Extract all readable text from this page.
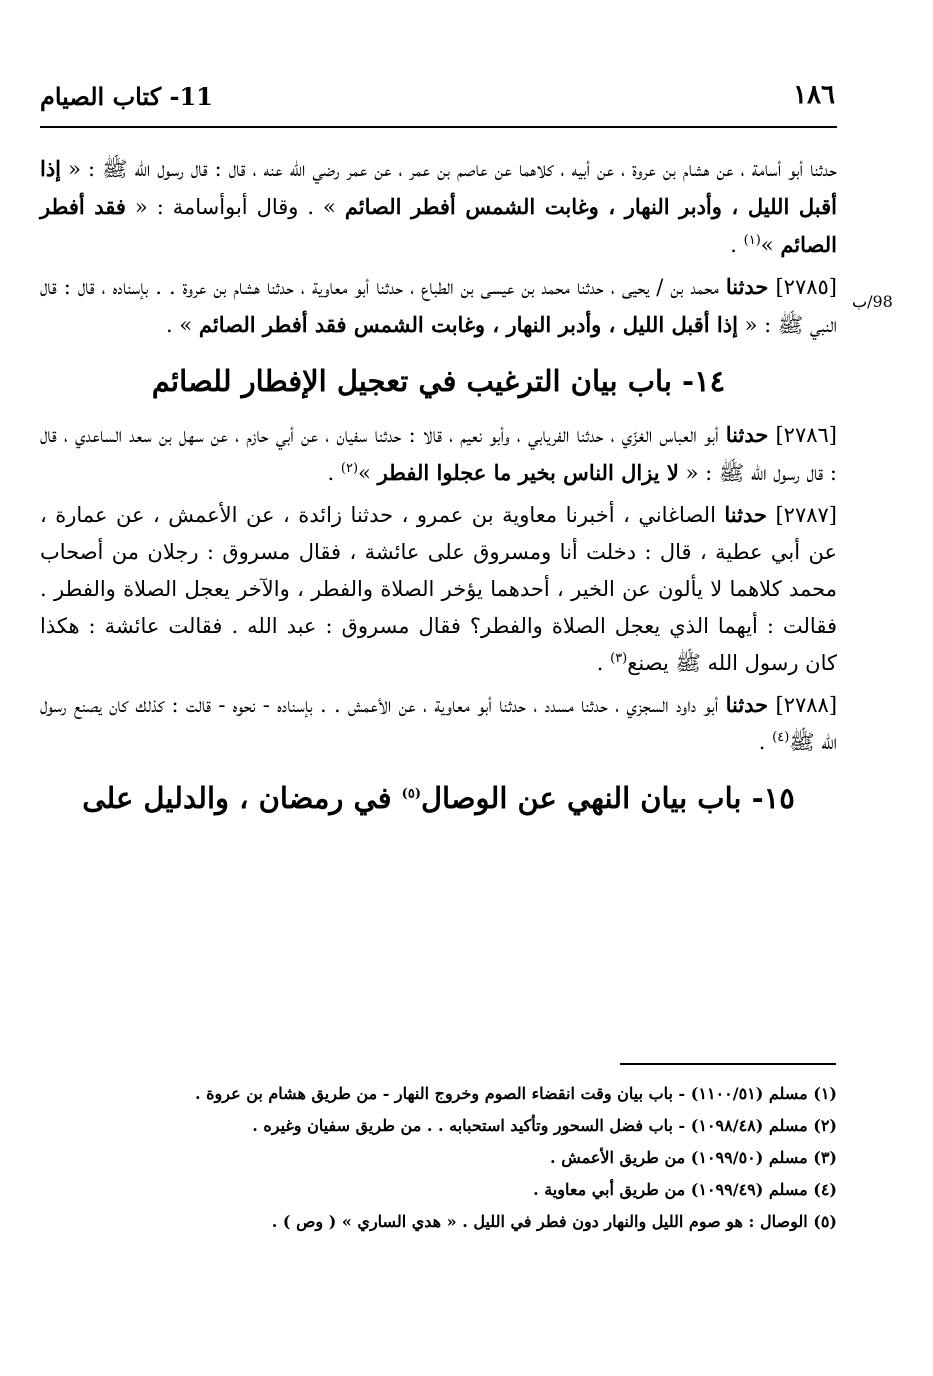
١٨٦
11- كتاب الصيام
98/ب

حدثنا أبو أسامة ، عن هشام بن عروة ، عن أبيه ، كلاهما عن عاصم بن عمر ، عن عمر رضي الله عنه ، قال : قال رسول الله ﷺ : « إذا أقبل الليل ، وأدبر النهار ، وغابت الشمس أفطر الصائم » . وقال أبوأسامة : « فقد أفطر الصائم »$^{(١)}$ .

[٢٧٨٥] حدثنا محمد بن / يحيى ، حدثنا محمد بن عيسى بن الطباع ، حدثنا أبو معاوية ، حدثنا هشام بن عروة . . بإسناده ، قال : قال النبي ﷺ : « إذا أقبل الليل ، وأدبر النهار ، وغابت الشمس فقد أفطر الصائم » .

١٤- باب بيان الترغيب في تعجيل الإفطار للصائم

[٢٧٨٦] حدثنا أبو العباس الغزّي ، حدثنا الفريابي ، وأبو نعيم ، قالا : حدثنا سفيان ، عن أبي حازم ، عن سهل بن سعد الساعدي ، قال : قال رسول الله ﷺ : « لا يزال الناس بخير ما عجلوا الفطر »$^{(٢)}$ .

[٢٧٨٧] حدثنا الصاغاني ، أخبرنا معاوية بن عمرو ، حدثنا زائدة ، عن الأعمش ، عن عمارة ، عن أبي عطية ، قال : دخلت أنا ومسروق على عائشة ، فقال مسروق : رجلان من أصحاب محمد كلاهما لا يألون عن الخير ، أحدهما يؤخر الصلاة والفطر ، والآخر يعجل الصلاة والفطر . فقالت : أيهما الذي يعجل الصلاة والفطر؟ فقال مسروق : عبد الله . فقالت عائشة : هكذا كان رسول الله ﷺ يصنع$^{(٣)}$ .

[٢٧٨٨] حدثنا أبو داود السجزي ، حدثنا مسدد ، حدثنا أبو معاوية ، عن الأعمش . . بإسناده - نحوه - قالت : كذلك كان يصنع رسول الله ﷺ$^{(٤)}$ .

١٥- باب بيان النهي عن الوصال$^{(٥)}$ في رمضان ، والدليل على
(١) مسلم (١١٠٠/٥١) - باب بيان وقت انقضاء الصوم وخروج النهار - من طريق هشام بن عروة .
(٢) مسلم (١٠٩٨/٤٨) - باب فضل السحور وتأكيد استحبابه . . من طريق سفيان وغيره .
(٣) مسلم (١٠٩٩/٥٠) من طريق الأعمش .
(٤) مسلم (١٠٩٩/٤٩) من طريق أبي معاوية .
(٥) الوصال : هو صوم الليل والنهار دون فطر في الليل . « هدي الساري » ( وص ) .
